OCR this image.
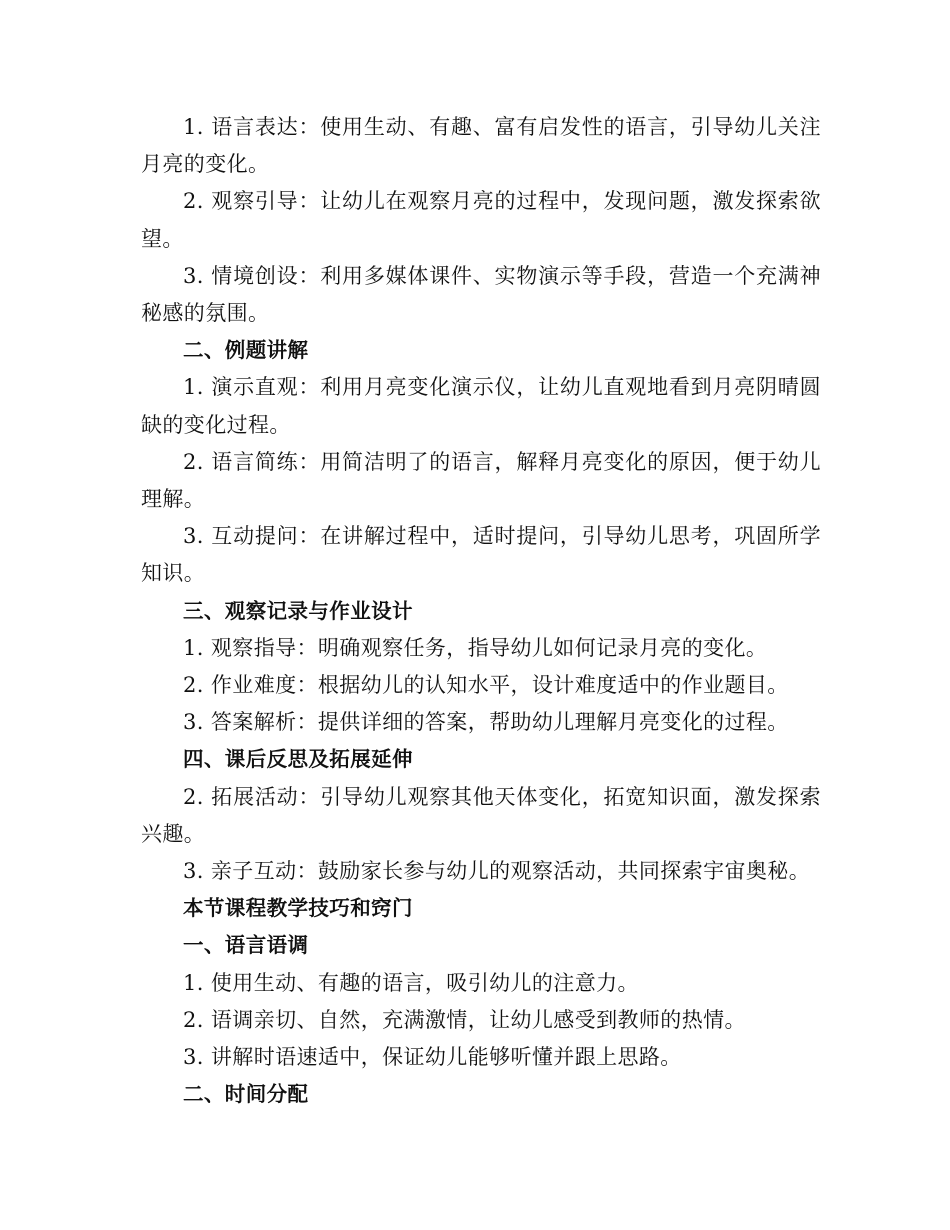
1. 语言表达：使用生动、有趣、富有启发性的语言，引导幼儿关注月亮的变化。

2. 观察引导：让幼儿在观察月亮的过程中，发现问题，激发探索欲望。

3. 情境创设：利用多媒体课件、实物演示等手段，营造一个充满神秘感的氛围。

二、例题讲解

1. 演示直观：利用月亮变化演示仪，让幼儿直观地看到月亮阴晴圆缺的变化过程。

2. 语言简练：用简洁明了的语言，解释月亮变化的原因，便于幼儿理解。

3. 互动提问：在讲解过程中，适时提问，引导幼儿思考，巩固所学知识。

三、观察记录与作业设计

1. 观察指导：明确观察任务，指导幼儿如何记录月亮的变化。

2. 作业难度：根据幼儿的认知水平，设计难度适中的作业题目。

3. 答案解析：提供详细的答案，帮助幼儿理解月亮变化的过程。

四、课后反思及拓展延伸

2. 拓展活动：引导幼儿观察其他天体变化，拓宽知识面，激发探索兴趣。

3. 亲子互动：鼓励家长参与幼儿的观察活动，共同探索宇宙奥秘。

本节课程教学技巧和窍门

一、语言语调

1. 使用生动、有趣的语言，吸引幼儿的注意力。

2. 语调亲切、自然，充满激情，让幼儿感受到教师的热情。

3. 讲解时语速适中，保证幼儿能够听懂并跟上思路。

二、时间分配
